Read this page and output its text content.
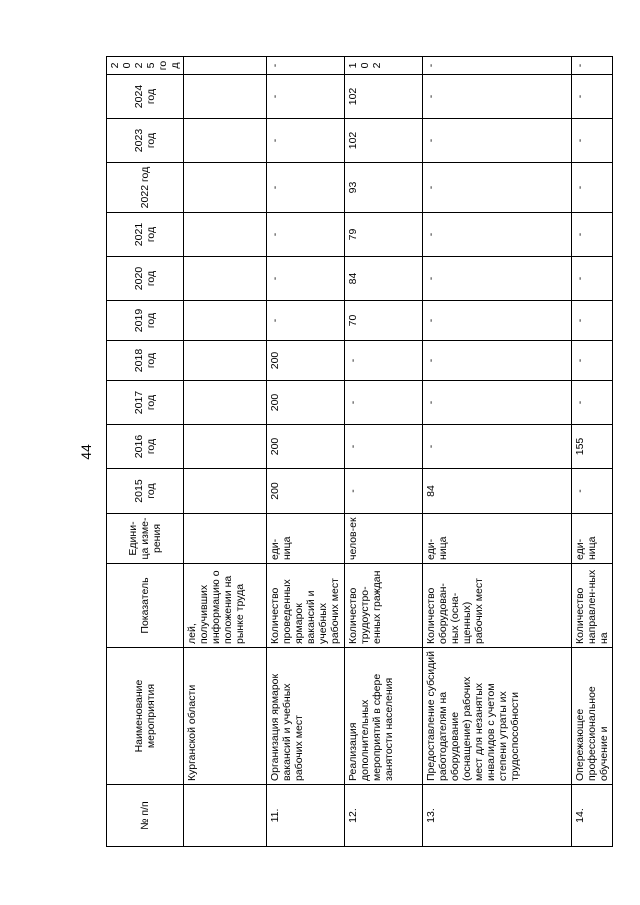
44
№ п/п	Наименование мероприятия	Показатель	Едини-ца изме-рения	2015 год	2016 год	2017 год	2018 год	2019 год	2020 год	2021 год	2022 год	2023 год	2024 год	2025 год
	Курганской области	лей, получивших информацию о положении на рынке труда												
11.	Организация ярмарок вакансий и учебных рабочих мест	Количество проведенных ярмарок вакансий и учебных рабочих мест	еди-ница	200	200	200	200	-	-	-	-	-	-	-
12.	Реализация дополнительных мероприятий в сфере занятости населения	Количество трудоустро-енных граждан	челов-ек	-	-	-	-	70	84	79	93	102	102	102
13.	Предоставление субсидий работодателям на оборудование (оснащение) рабочих мест для незанятых инвалидов с учетом степени утраты их трудоспособности	Количество оборудован-ных (осна-щенных) рабочих мест	еди-ница	84	-	-	-	-	-	-	-	-	-	-
14.	Опережающее профессиональное обучение и	Количество направлен-ных на	еди-ница	-	155	-	-	-	-	-	-	-	-	-
